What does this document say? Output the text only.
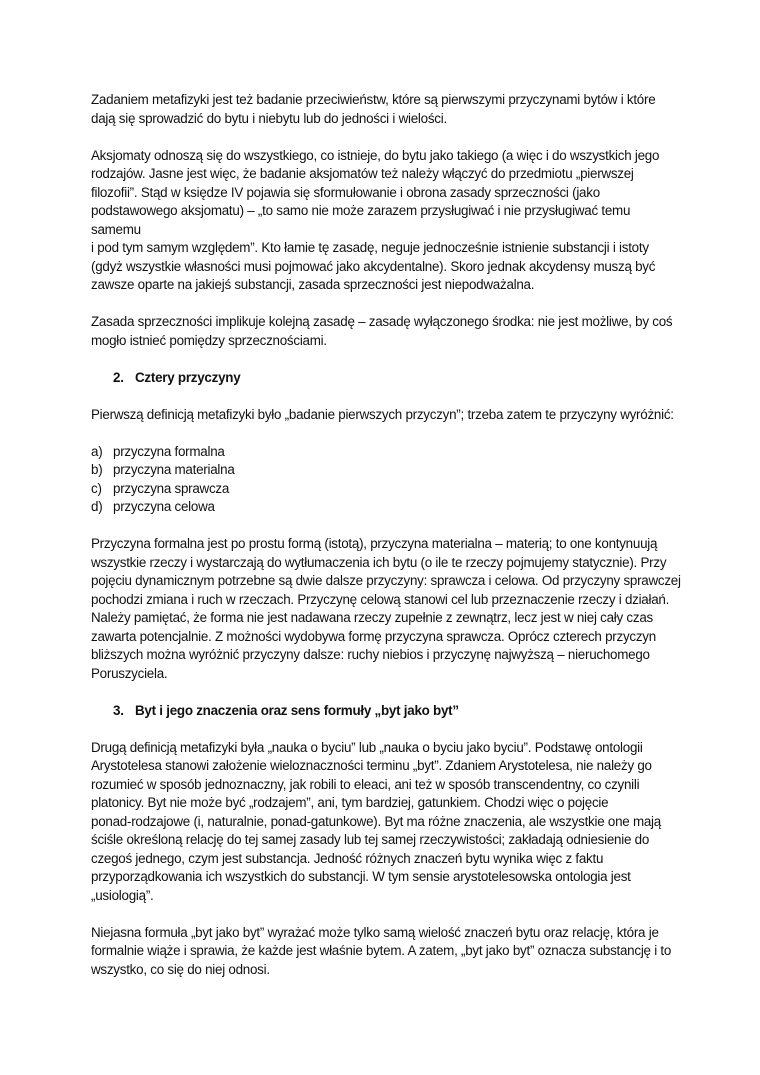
Zadaniem metafizyki jest też badanie przeciwieństw, które są pierwszymi przyczynami bytów i które
dają się sprowadzić do bytu i niebytu lub do jedności i wielości.

Aksjomaty odnoszą się do wszystkiego, co istnieje, do bytu jako takiego (a więc i do wszystkich jego
rodzajów. Jasne jest więc, że badanie aksjomatów też należy włączyć do przedmiotu „pierwszej
filozofii”. Stąd w księdze IV pojawia się sformułowanie i obrona zasady sprzeczności (jako
podstawowego aksjomatu) – „to samo nie może zarazem przysługiwać i nie przysługiwać temu samemu
i pod tym samym względem”. Kto łamie tę zasadę, neguje jednocześnie istnienie substancji i istoty
(gdyż wszystkie własności musi pojmować jako akcydentalne). Skoro jednak akcydensy muszą być
zawsze oparte na jakiejś substancji, zasada sprzeczności jest niepodważalna.

Zasada sprzeczności implikuje kolejną zasadę – zasadę wyłączonego środka: nie jest możliwe, by coś
mogło istnieć pomiędzy sprzecznościami.

2. Cztery przyczyny

Pierwszą definicją metafizyki było „badanie pierwszych przyczyn”; trzeba zatem te przyczyny wyróżnić:

a) przyczyna formalna
b) przyczyna materialna
c) przyczyna sprawcza
d) przyczyna celowa

Przyczyna formalna jest po prostu formą (istotą), przyczyna materialna – materią; to one kontynuują
wszystkie rzeczy i wystarczają do wytłumaczenia ich bytu (o ile te rzeczy pojmujemy statycznie). Przy
pojęciu dynamicznym potrzebne są dwie dalsze przyczyny: sprawcza i celowa. Od przyczyny sprawczej
pochodzi zmiana i ruch w rzeczach. Przyczynę celową stanowi cel lub przeznaczenie rzeczy i działań.
Należy pamiętać, że forma nie jest nadawana rzeczy zupełnie z zewnątrz, lecz jest w niej cały czas
zawarta potencjalnie. Z możności wydobywa formę przyczyna sprawcza. Oprócz czterech przyczyn
bliższych można wyróżnić przyczyny dalsze: ruchy niebios i przyczynę najwyższą – nieruchomego
Poruszyciela.

3. Byt i jego znaczenia oraz sens formuły „byt jako byt”

Drugą definicją metafizyki była „nauka o byciu” lub „nauka o byciu jako byciu”. Podstawę ontologii
Arystotelesa stanowi założenie wieloznaczności terminu „byt”. Zdaniem Arystotelesa, nie należy go
rozumieć w sposób jednoznaczny, jak robili to eleaci, ani też w sposób transcendentny, co czynili
platonicy. Byt nie może być „rodzajem”, ani, tym bardziej, gatunkiem. Chodzi więc o pojęcie
ponad-rodzajowe (i, naturalnie, ponad-gatunkowe). Byt ma różne znaczenia, ale wszystkie one mają
ściśle określoną relację do tej samej zasady lub tej samej rzeczywistości; zakładają odniesienie do
czegoś jednego, czym jest substancja. Jedność różnych znaczeń bytu wynika więc z faktu
przyporządkowania ich wszystkich do substancji. W tym sensie arystotelesowska ontologia jest
„usiologią”.

Niejasna formuła „byt jako byt” wyrażać może tylko samą wielość znaczeń bytu oraz relację, która je
formalnie wiąże i sprawia, że każde jest właśnie bytem. A zatem, „byt jako byt” oznacza substancję i to
wszystko, co się do niej odnosi.
